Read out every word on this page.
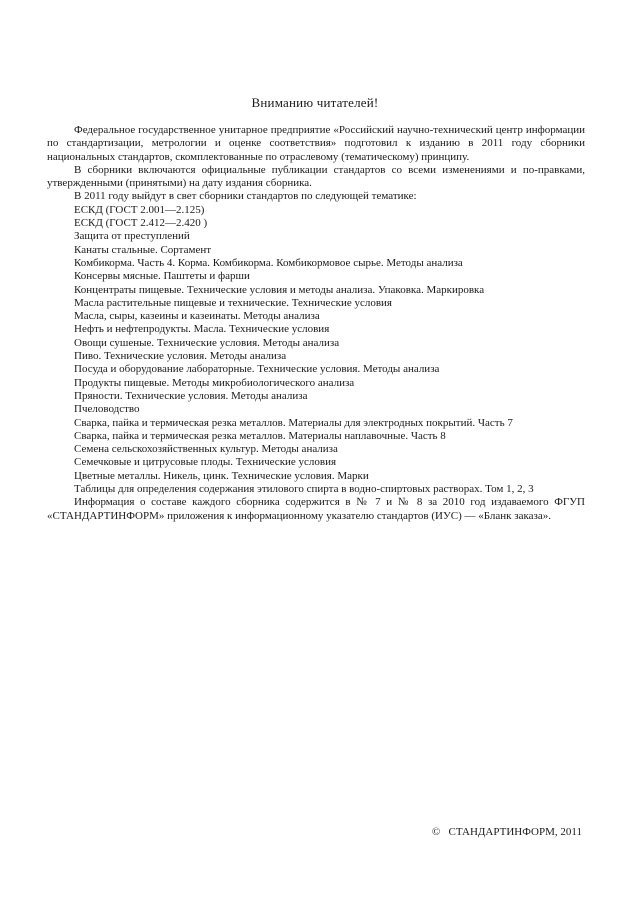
Вниманию читателей!

Федеральное государственное унитарное предприятие «Российский научно-технический центр информации по стандартизации, метрологии и оценке соответствия» подготовил к изданию в 2011 году сборники национальных стандартов, скомплектованные по отраслевому (тематическому) принципу.

В сборники включаются официальные публикации стандартов со всеми изменениями и по-правками, утвержденными (принятыми) на дату издания сборника.

В 2011 году выйдут в свет сборники стандартов по следующей тематике:

ЕСКД (ГОСТ 2.001—2.125)
ЕСКД (ГОСТ 2.412—2.420 )
Защита от преступлений
Канаты стальные. Сортамент
Комбикорма. Часть 4. Корма. Комбикорма. Комбикормовое сырье. Методы анализа
Консервы мясные. Паштеты и фарши
Концентраты пищевые. Технические условия и методы анализа. Упаковка. Маркировка
Масла растительные пищевые и технические. Технические условия
Масла, сыры, казеины и казеинаты. Методы анализа
Нефть и нефтепродукты. Масла. Технические условия
Овощи сушеные. Технические условия. Методы анализа
Пиво. Технические условия. Методы анализа
Посуда и оборудование лабораторные. Технические условия. Методы анализа
Продукты пищевые. Методы микробиологического анализа
Пряности. Технические условия. Методы анализа
Пчеловодство
Сварка, пайка и термическая резка металлов. Материалы для электродных покрытий. Часть 7
Сварка, пайка и термическая резка металлов. Материалы наплавочные. Часть 8
Семена сельскохозяйственных культур. Методы анализа
Семечковые и цитрусовые плоды. Технические условия
Цветные металлы. Никель, цинк. Технические условия. Марки
Таблицы для определения содержания этилового спирта в водно-спиртовых растворах. Том 1, 2, 3

Информация о составе каждого сборника содержится в № 7 и № 8 за 2010 год издаваемого ФГУП «СТАНДАРТИНФОРМ» приложения к информационному указателю стандартов (ИУС) — «Бланк заказа».

©   СТАНДАРТИНФОРМ, 2011
